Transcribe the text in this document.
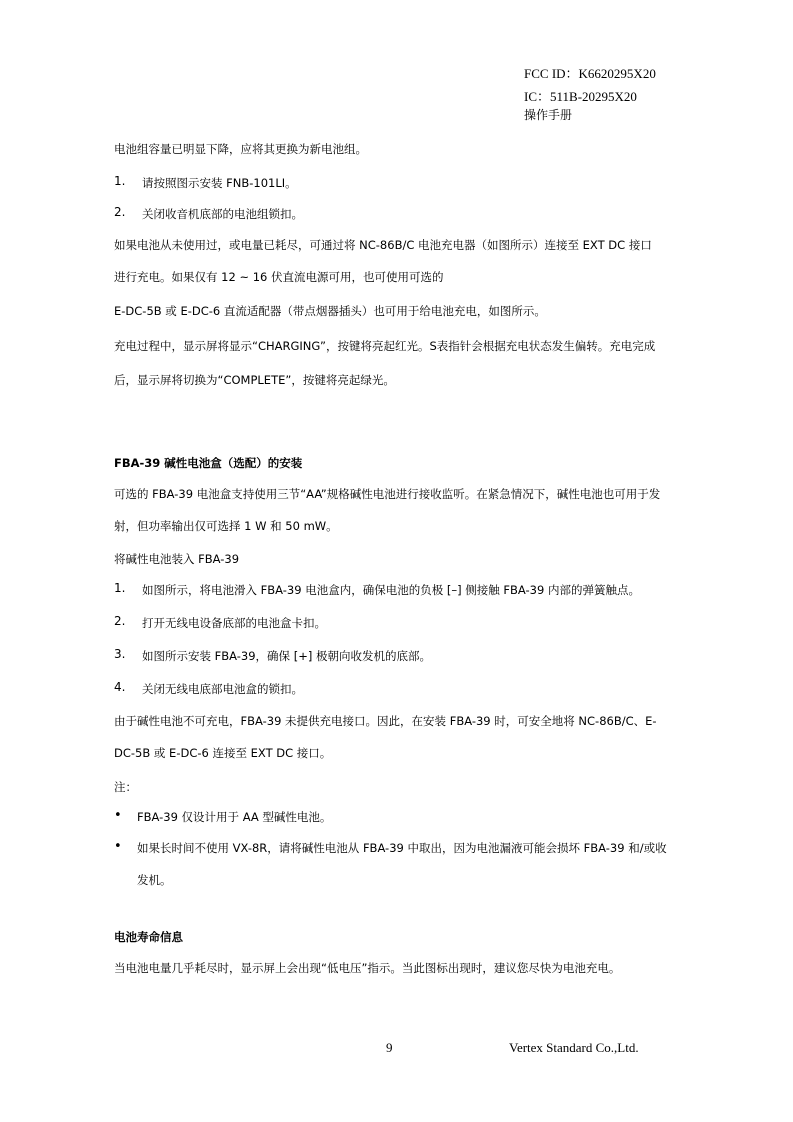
FCC ID：K6620295X20
IC：511B-20295X20
操作手册
电池组容量已明显下降，应将其更换为新电池组。
1. 请按照图示安装 FNB-101LI。
2. 关闭收音机底部的电池组锁扣。
如果电池从未使用过，或电量已耗尽，可通过将 NC-86B/C 电池充电器（如图所示）连接至 EXT DC 接口
进行充电。如果仅有 12 ~ 16 伏直流电源可用，也可使用可选的
E-DC-5B 或 E-DC-6 直流适配器（带点烟器插头）也可用于给电池充电，如图所示。
充电过程中，显示屏将显示“CHARGING”，按键将亮起红光。S表指针会根据充电状态发生偏转。充电完成
后，显示屏将切换为“COMPLETE”，按键将亮起绿光。
FBA-39 碱性电池盒（选配）的安装
可选的 FBA-39 电池盒支持使用三节“AA”规格碱性电池进行接收监听。在紧急情况下，碱性电池也可用于发
射，但功率输出仅可选择 1 W 和 50 mW。
将碱性电池装入 FBA-39
1. 如图所示，将电池滑入 FBA-39 电池盒内，确保电池的负极 [–] 侧接触 FBA-39 内部的弹簧触点。
2. 打开无线电设备底部的电池盒卡扣。
3. 如图所示安装 FBA-39，确保 [+] 极朝向收发机的底部。
4. 关闭无线电底部电池盒的锁扣。
由于碱性电池不可充电，FBA-39 未提供充电接口。因此，在安装 FBA-39 时，可安全地将 NC-86B/C、E-
DC-5B 或 E-DC-6 连接至 EXT DC 接口。
注：
• FBA-39 仅设计用于 AA 型碱性电池。
• 如果长时间不使用 VX-8R，请将碱性电池从 FBA-39 中取出，因为电池漏液可能会损坏 FBA-39 和/或收
发机。
电池寿命信息
当电池电量几乎耗尽时，显示屏上会出现“低电压”指示。当此图标出现时，建议您尽快为电池充电。
9	Vertex Standard Co.,Ltd.
